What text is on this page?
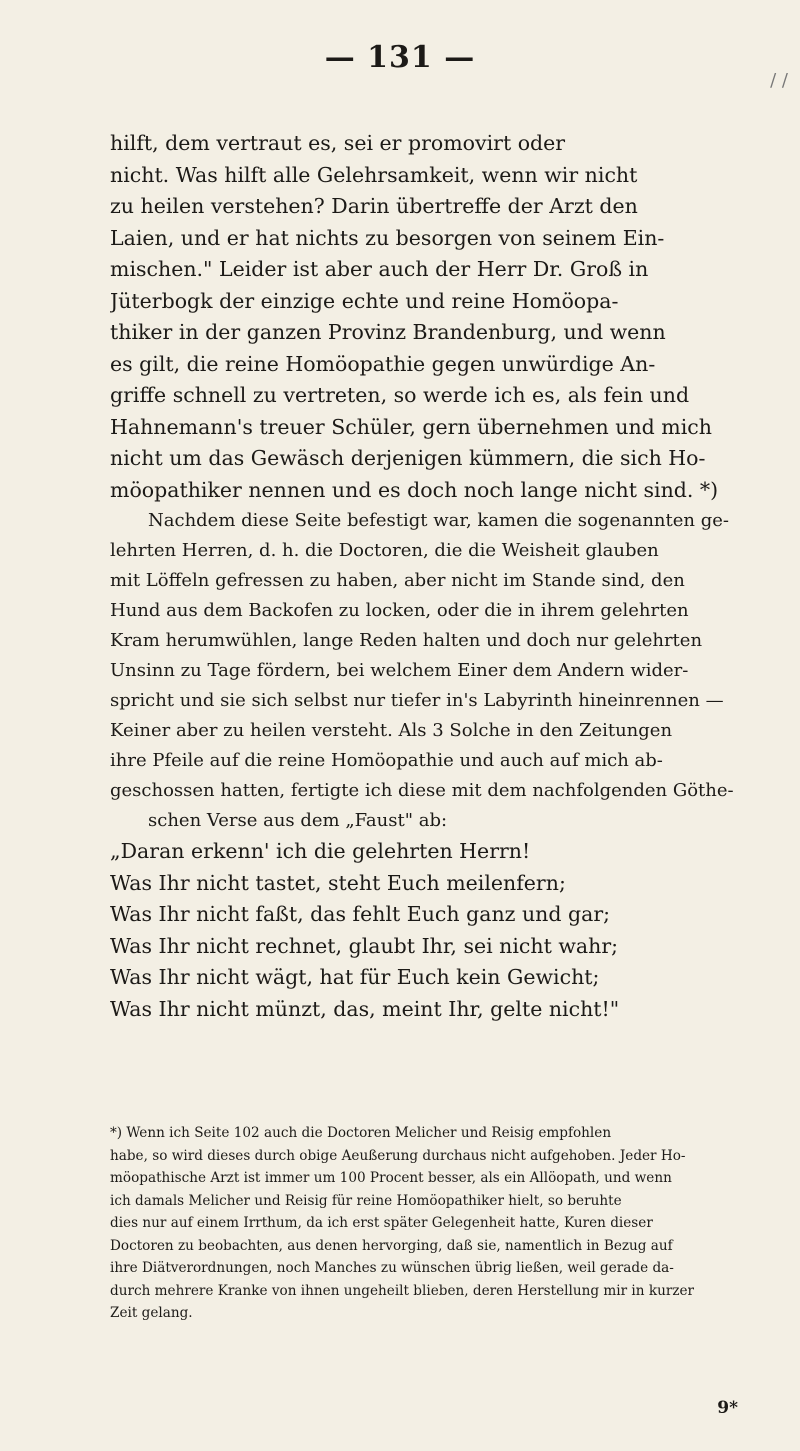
— 131 —
/ /

hilft, dem vertraut es, sei er promovirt oder
nicht. Was hilft alle Gelehrsamkeit, wenn wir nicht
zu heilen verstehen? Darin übertreffe der Arzt den
Laien, und er hat nichts zu besorgen von seinem Ein-
mischen." Leider ist aber auch der Herr Dr. Groß in
Jüterbogk der einzige echte und reine Homöopa-
thiker in der ganzen Provinz Brandenburg, und wenn
es gilt, die reine Homöopathie gegen unwürdige An-
griffe schnell zu vertreten, so werde ich es, als fein und
Hahnemann's treuer Schüler, gern übernehmen und mich
nicht um das Gewäsch derjenigen kümmern, die sich Ho-
möopathiker nennen und es doch noch lange nicht sind. *)

Nachdem diese Seite befestigt war, kamen die sogenannten ge-
lehrten Herren, d. h. die Doctoren, die die Weisheit glauben
mit Löffeln gefressen zu haben, aber nicht im Stande sind, den
Hund aus dem Backofen zu locken, oder die in ihrem gelehrten
Kram herumwühlen, lange Reden halten und doch nur gelehrten
Unsinn zu Tage fördern, bei welchem Einer dem Andern wider-
spricht und sie sich selbst nur tiefer in's Labyrinth hineinrennen —
Keiner aber zu heilen versteht. Als 3 Solche in den Zeitungen
ihre Pfeile auf die reine Homöopathie und auch auf mich ab-
geschossen hatten, fertigte ich diese mit dem nachfolgenden Göthe-
schen Verse aus dem „Faust" ab:

„Daran erkenn' ich die gelehrten Herrn!
Was Ihr nicht tastet, steht Euch meilenfern;
Was Ihr nicht faßt, das fehlt Euch ganz und gar;
Was Ihr nicht rechnet, glaubt Ihr, sei nicht wahr;
Was Ihr nicht wägt, hat für Euch kein Gewicht;
Was Ihr nicht münzt, das, meint Ihr, gelte nicht!"

*) Wenn ich Seite 102 auch die Doctoren Melicher und Reisig empfohlen
habe, so wird dieses durch obige Aeußerung durchaus nicht aufgehoben. Jeder Ho-
möopathische Arzt ist immer um 100 Procent besser, als ein Allöopath, und wenn
ich damals Melicher und Reisig für reine Homöopathiker hielt, so beruhte
dies nur auf einem Irrthum, da ich erst später Gelegenheit hatte, Kuren dieser
Doctoren zu beobachten, aus denen hervorging, daß sie, namentlich in Bezug auf
ihre Diätverordnungen, noch Manches zu wünschen übrig ließen, weil gerade da-
durch mehrere Kranke von ihnen ungeheilt blieben, deren Herstellung mir in kurzer
Zeit gelang.
9*
